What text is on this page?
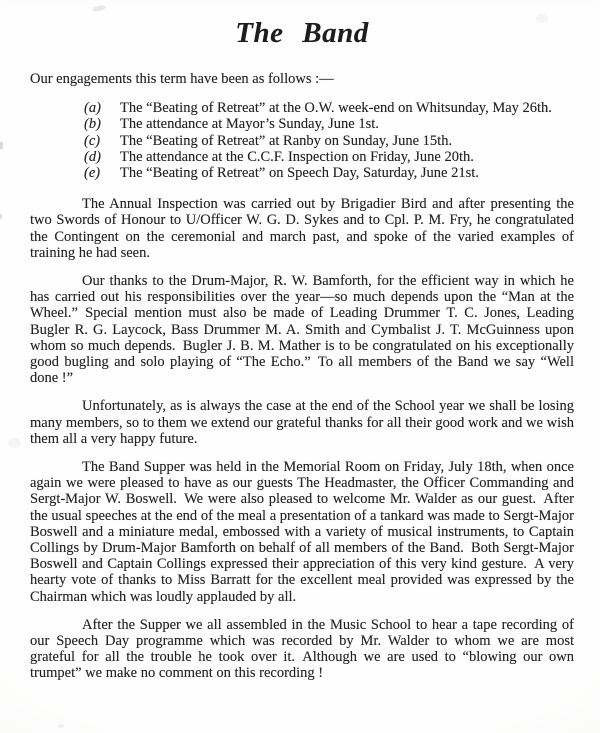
The Band

Our engagements this term have been as follows :—

(a)	The “Beating of Retreat” at the O.W. week-end on Whitsunday, May 26th.
(b)	The attendance at Mayor’s Sunday, June 1st.
(c)	The “Beating of Retreat” at Ranby on Sunday, June 15th.
(d)	The attendance at the C.C.F. Inspection on Friday, June 20th.
(e)	The “Beating of Retreat” on Speech Day, Saturday, June 21st.

The Annual Inspection was carried out by Brigadier Bird and after presenting the two Swords of Honour to U/Officer W. G. D. Sykes and to Cpl. P. M. Fry, he congratulated the Contingent on the ceremonial and march past, and spoke of the varied examples of training he had seen.

Our thanks to the Drum-Major, R. W. Bamforth, for the efficient way in which he has carried out his responsibilities over the year—so much depends upon the “Man at the Wheel.” Special mention must also be made of Leading Drummer T. C. Jones, Leading Bugler R. G. Laycock, Bass Drummer M. A. Smith and Cymbalist J. T. McGuinness upon whom so much depends. Bugler J. B. M. Mather is to be congratulated on his exceptionally good bugling and solo playing of “The Echo.” To all members of the Band we say “Well done !”

Unfortunately, as is always the case at the end of the School year we shall be losing many members, so to them we extend our grateful thanks for all their good work and we wish them all a very happy future.

The Band Supper was held in the Memorial Room on Friday, July 18th, when once again we were pleased to have as our guests The Headmaster, the Officer Commanding and Sergt-Major W. Boswell. We were also pleased to welcome Mr. Walder as our guest. After the usual speeches at the end of the meal a presentation of a tankard was made to Sergt-Major Boswell and a miniature medal, embossed with a variety of musical instruments, to Captain Collings by Drum-Major Bamforth on behalf of all members of the Band. Both Sergt-Major Boswell and Captain Collings expressed their appreciation of this very kind gesture. A very hearty vote of thanks to Miss Barratt for the excellent meal provided was expressed by the Chairman which was loudly applauded by all.

After the Supper we all assembled in the Music School to hear a tape recording of our Speech Day programme which was recorded by Mr. Walder to whom we are most grateful for all the trouble he took over it. Although we are used to “blowing our own trumpet” we make no comment on this recording !
